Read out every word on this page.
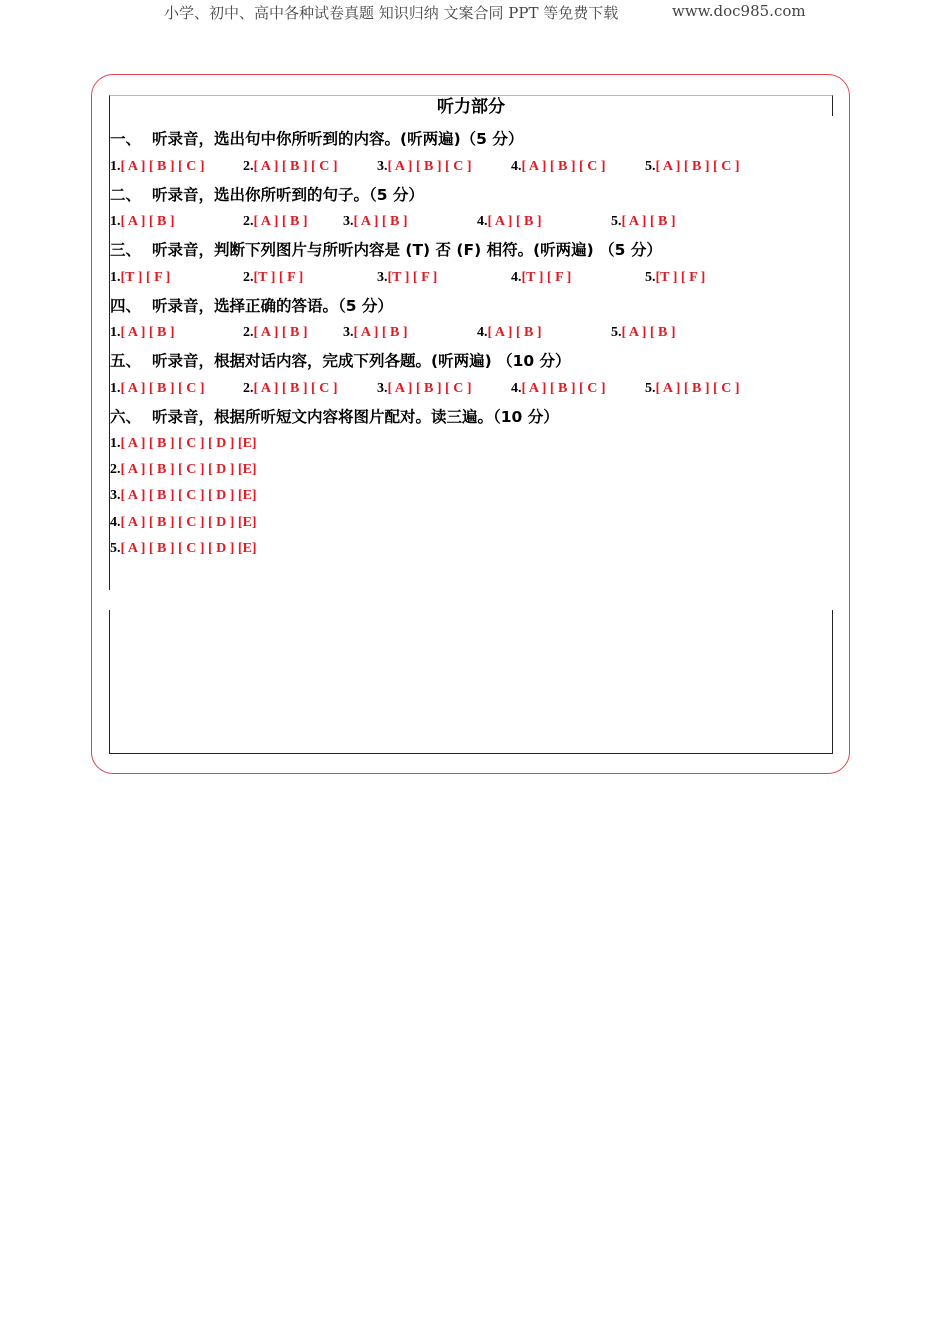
小学、初中、高中各种试卷真题 知识归纳 文案合同 PPT 等免费下载	www.doc985.com
听力部分
一、 听录音，选出句中你所听到的内容。(听两遍)（5 分）
1.[ A ] [ B ] [ C ]	2.[ A ] [ B ] [ C ]	3.[ A ] [ B ] [ C ]	4.[ A ] [ B ] [ C ]	5.[ A ] [ B ] [ C ]
二、 听录音，选出你所听到的句子。（5 分）
1.[ A ] [ B ]	2.[ A ] [ B ]	3.[ A ] [ B ]	4.[ A ] [ B ]	5.[ A ] [ B ]
三、 听录音，判断下列图片与所听内容是 (T) 否 (F) 相符。(听两遍) （5 分）
1.[T ] [ F ]	2.[T ] [ F ]	3.[T ] [ F ]	4.[T ] [ F ]	5.[T ] [ F ]
四、 听录音，选择正确的答语。（5 分）
1.[ A ] [ B ]	2.[ A ] [ B ]	3.[ A ] [ B ]	4.[ A ] [ B ]	5.[ A ] [ B ]
五、 听录音，根据对话内容，完成下列各题。(听两遍) （10 分）
1.[ A ] [ B ] [ C ]	2.[ A ] [ B ] [ C ]	3.[ A ] [ B ] [ C ]	4.[ A ] [ B ] [ C ]	5.[ A ] [ B ] [ C ]
六、 听录音，根据所听短文内容将图片配对。读三遍。（10 分）
1.[ A ] [ B ] [ C ] [ D ] [E]
2.[ A ] [ B ] [ C ] [ D ] [E]
3.[ A ] [ B ] [ C ] [ D ] [E]
4.[ A ] [ B ] [ C ] [ D ] [E]
5.[ A ] [ B ] [ C ] [ D ] [E]
